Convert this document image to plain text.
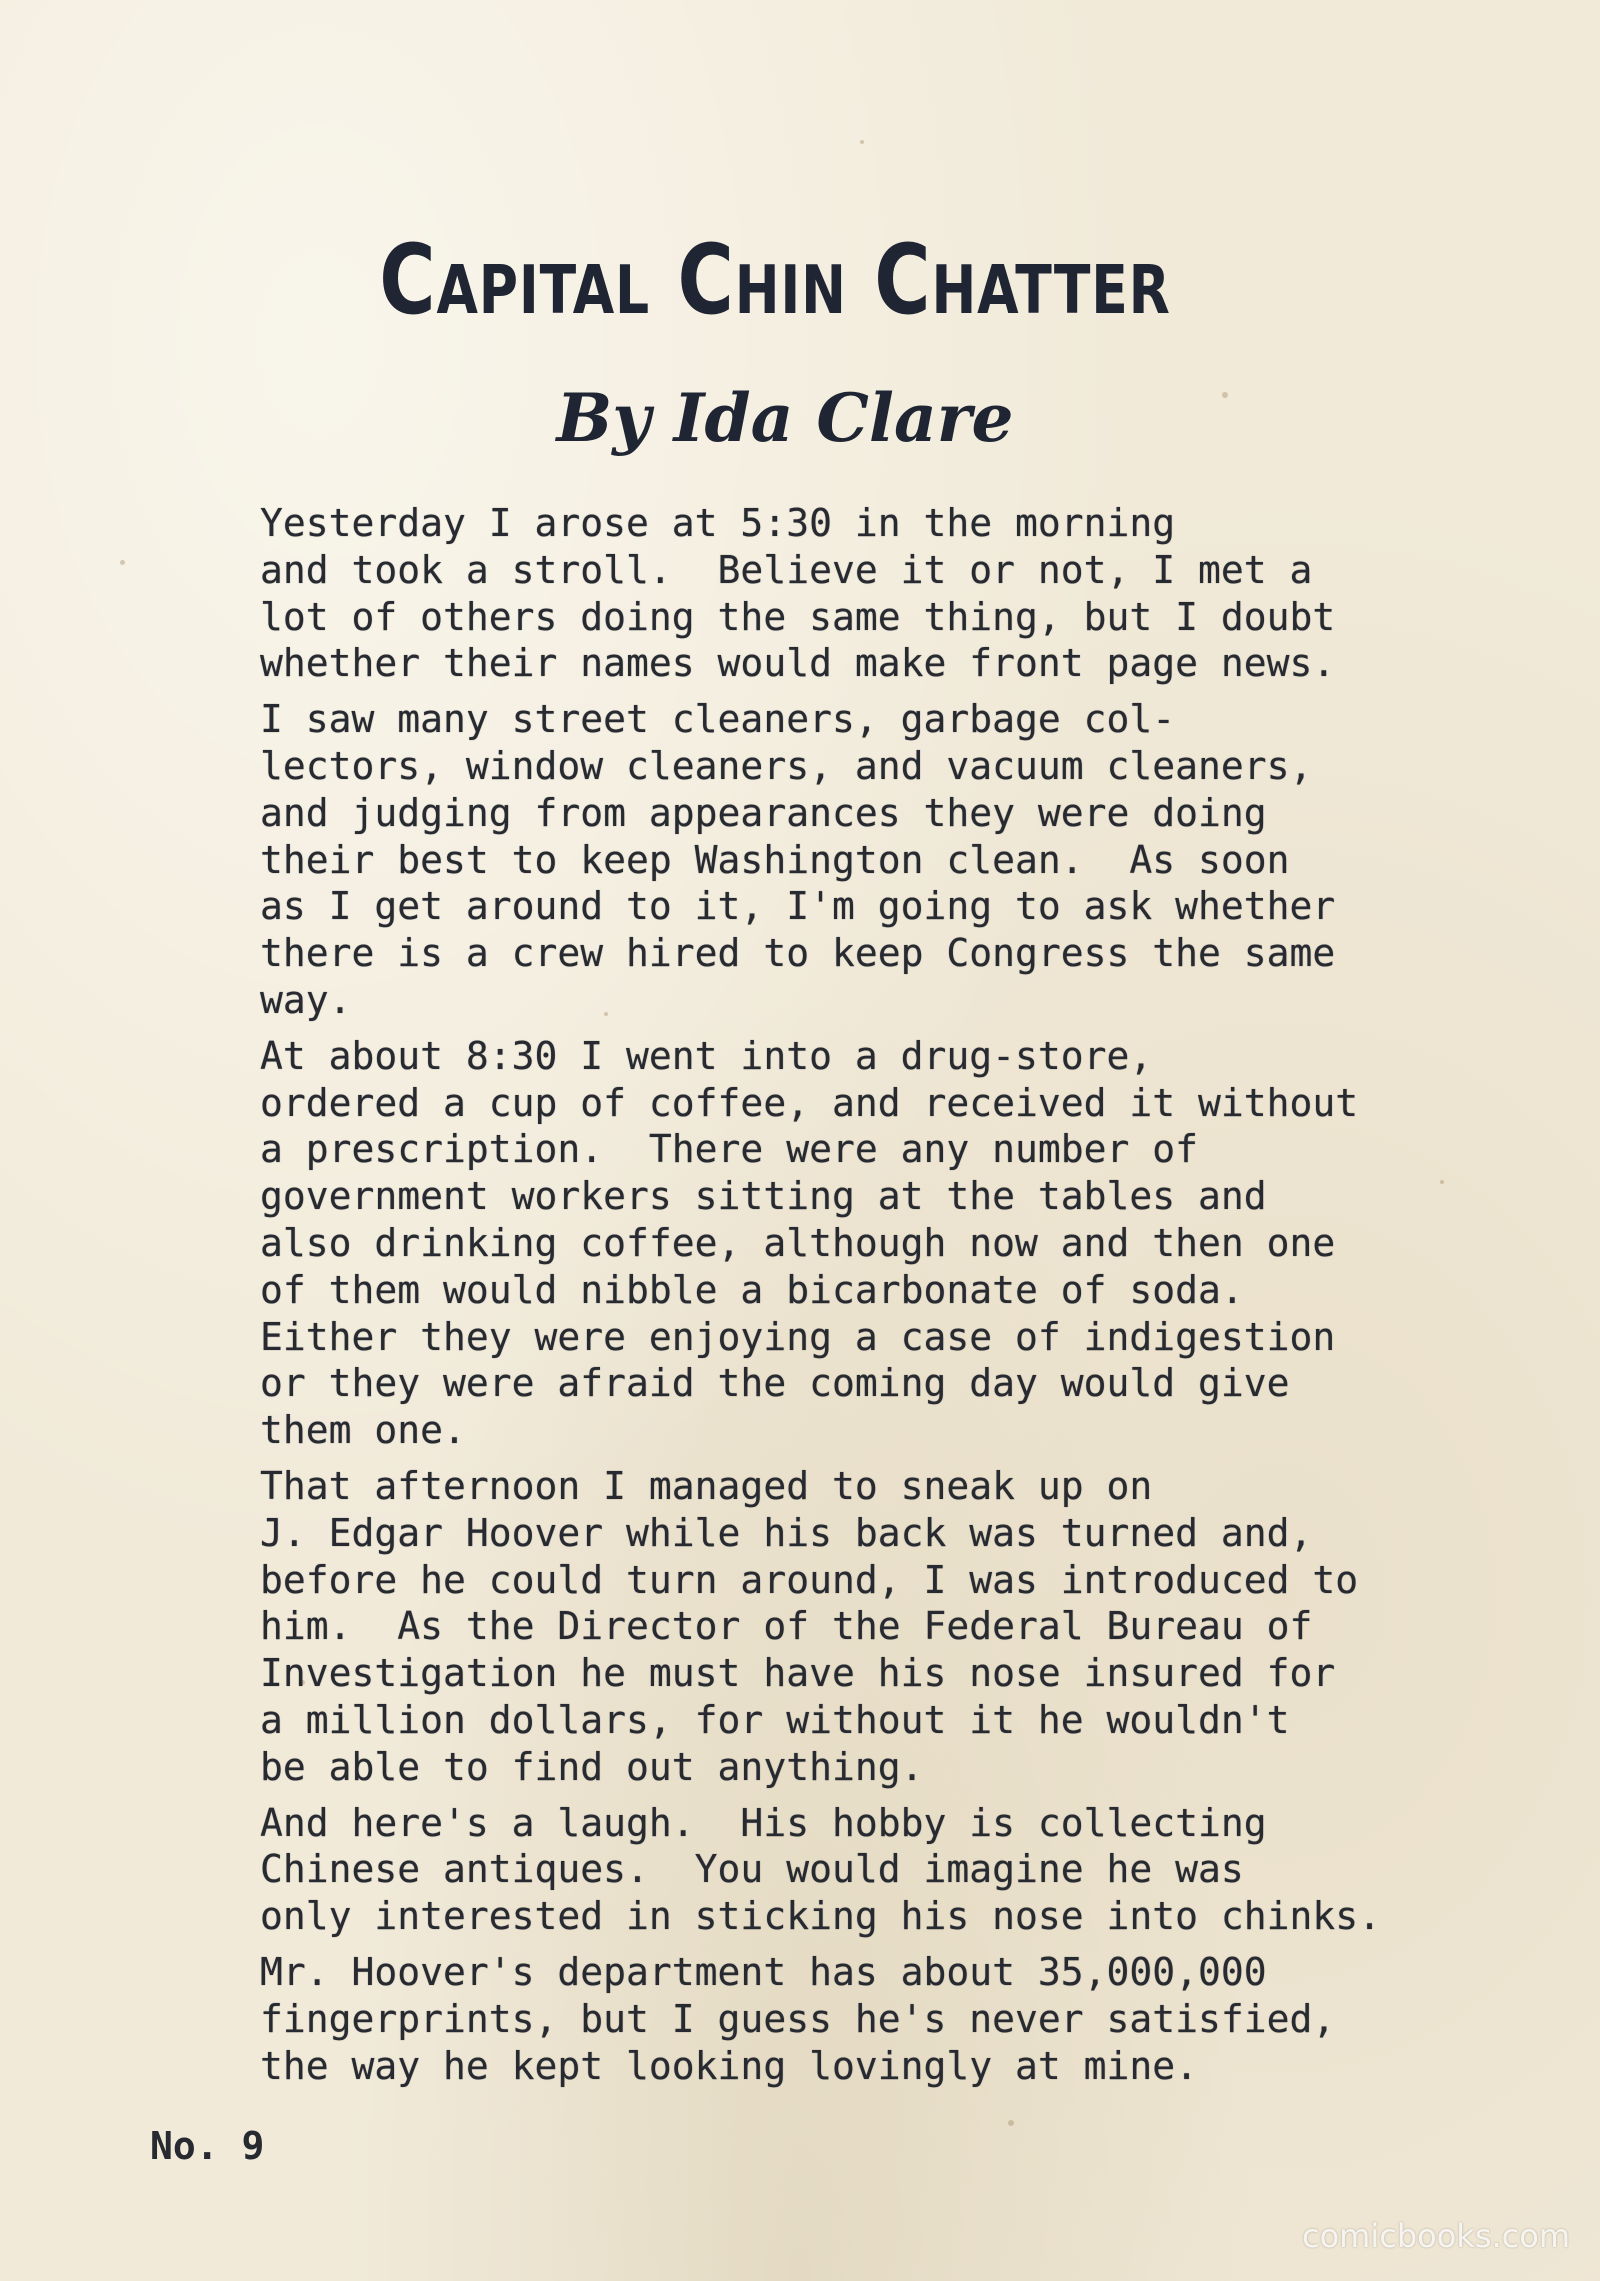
Capital Chin Chatter
By Ida Clare

Yesterday I arose at 5:30 in the morning
and took a stroll.  Believe it or not, I met a
lot of others doing the same thing, but I doubt
whether their names would make front page news.

I saw many street cleaners, garbage col-
lectors, window cleaners, and vacuum cleaners,
and judging from appearances they were doing
their best to keep Washington clean.  As soon
as I get around to it, I'm going to ask whether
there is a crew hired to keep Congress the same
way.

At about 8:30 I went into a drug-store,
ordered a cup of coffee, and received it without
a prescription.  There were any number of
government workers sitting at the tables and
also drinking coffee, although now and then one
of them would nibble a bicarbonate of soda.
Either they were enjoying a case of indigestion
or they were afraid the coming day would give
them one.

That afternoon I managed to sneak up on
J. Edgar Hoover while his back was turned and,
before he could turn around, I was introduced to
him.  As the Director of the Federal Bureau of
Investigation he must have his nose insured for
a million dollars, for without it he wouldn't
be able to find out anything.

And here's a laugh.  His hobby is collecting
Chinese antiques.  You would imagine he was
only interested in sticking his nose into chinks.

Mr. Hoover's department has about 35,000,000
fingerprints, but I guess he's never satisfied,
the way he kept looking lovingly at mine.

No. 9

comicbooks.com
